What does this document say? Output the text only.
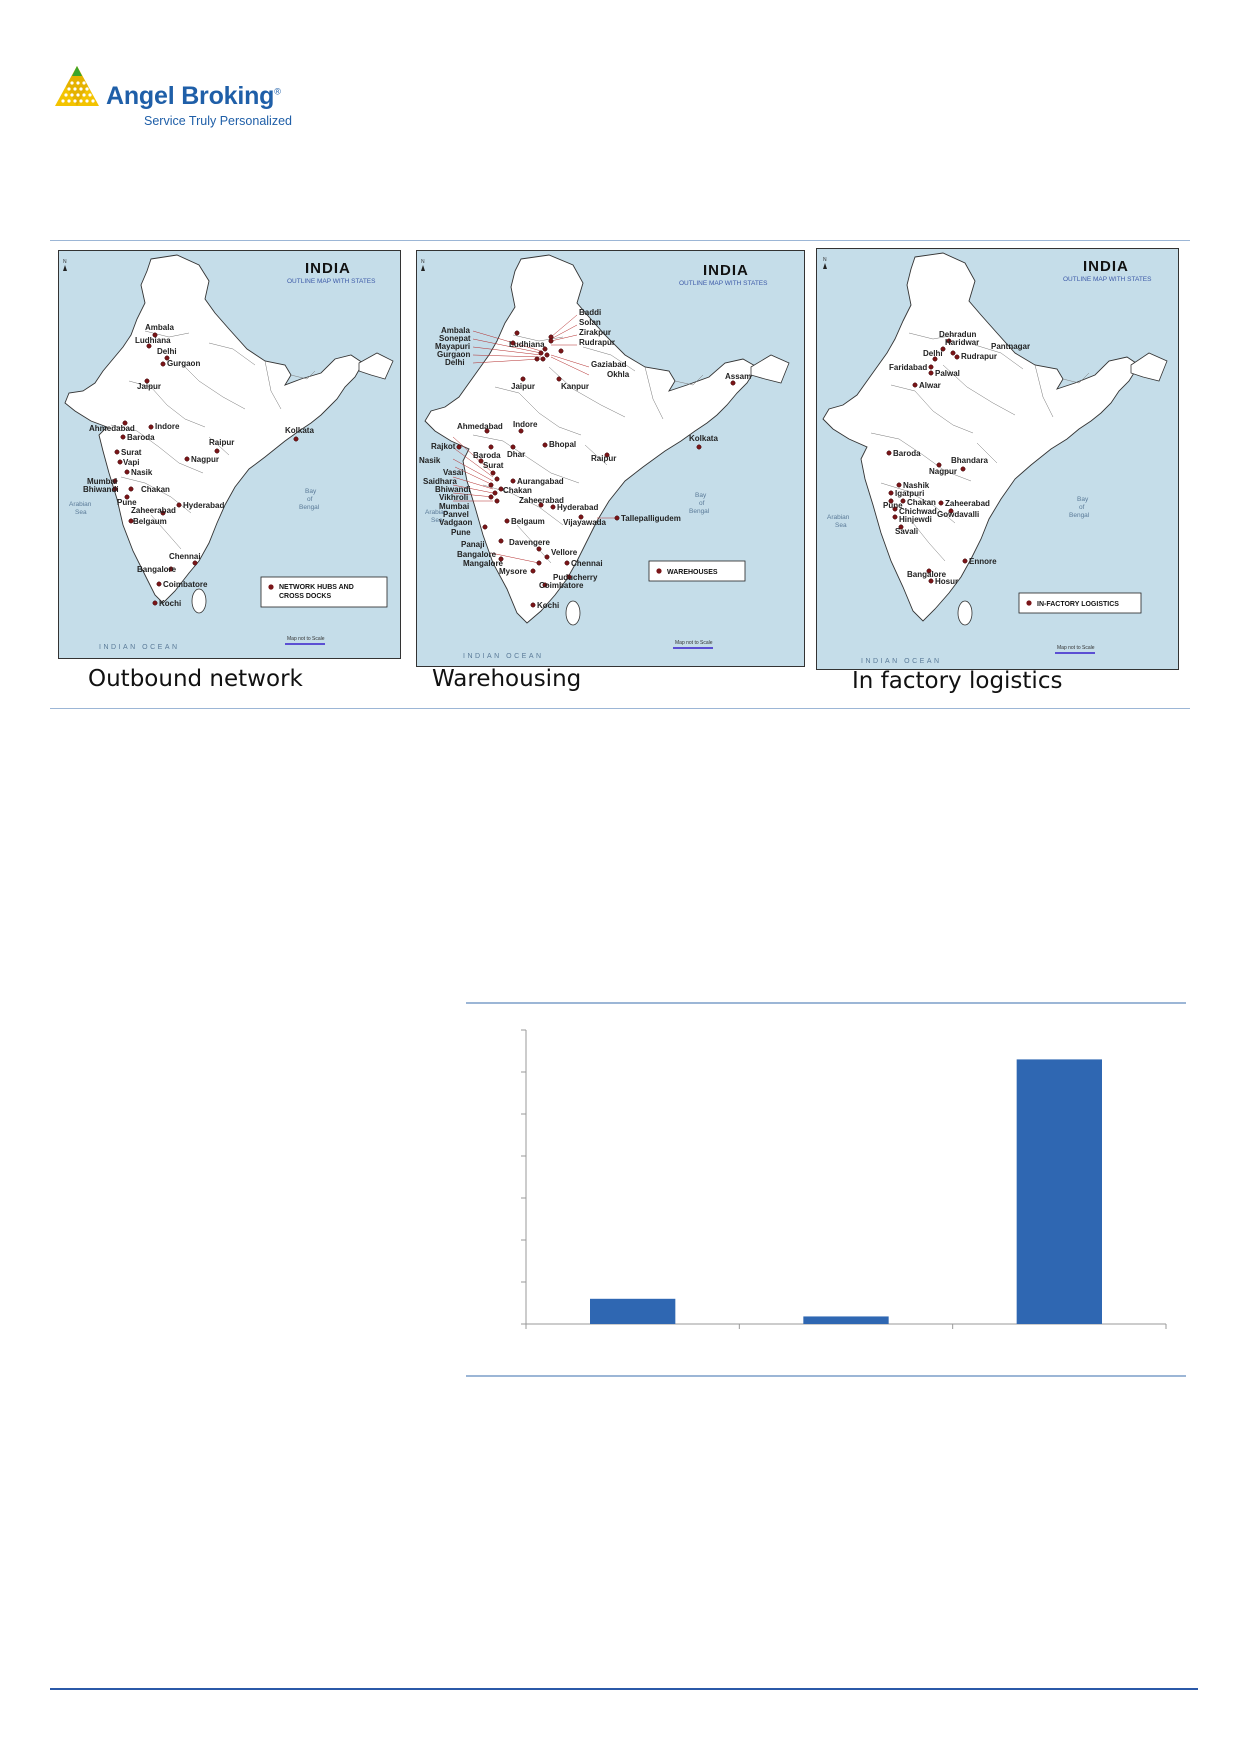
Angel Broking®
Service Truly Personalized
N	INDIA
OUTLINE MAP WITH STATES
Arabian
Sea
Bay
of
Bengal
INDIAN OCEAN
Ambala
Ludhiana
Delhi
Gurgaon
Jaipur
Ahmedabad	Indore	Kolkata
Baroda
Raipur
Surat
Vapi	Nagpur
Nasik
Mumbai
Bhiwandi	Chakan
Pune
Zaheerabad
Hyderabad
Belgaum
Chennai
Bangalore
Coimbatore
Kochi
NETWORK HUBS AND
CROSS DOCKS
Map not to Scale
Outbound network
N	INDIA
OUTLINE MAP WITH STATES
Arabian
Sea
Bay
of
Bengal
INDIAN OCEAN
Baddi
Solan
Ambala	Zirakpur
Sonepat	Rudrapur
Mayapuri	Ludhiana
Gurgaon
Delhi	Gaziabad
Okhla
Jaipur	Kanpur
Assam
Ahmedabad Indore
Kolkata
Rajkot
Baroda Dhar
Bhopal
Raipur
Nasik
Surat
Vasai
Saidhara	Aurangabad
Bhiwandi	Chakan
Vikhroli	Zaheerabad
Mumbai	Hyderabad
Panvel
Vadgaon	Tallepalligudem
Belgaum Vijayawada
Pune
Panaji	Davengere
Bangalore	Vellore
Mangalore	Chennai
Mysore
Puducherry
Coimbatore
Kochi
WAREHOUSES
Map not to Scale
Warehousing
N	INDIA
OUTLINE MAP WITH STATES
Arabian
Sea
Bay
of
Bengal
INDIAN OCEAN
Dehradun
Haridwar Pantnagar
Delhi Rudrapur
Faridabad
Palwal
Alwar
Baroda
Bhandara
Nashik
Nagpur
Igatpuri
Pune Chakan Zaheerabad
Chichwad
Hinjewdi
Gowdavalli
Savali
Ennore
Bangalore
Hosur
IN-FACTORY LOGISTICS
Map not to Scale
In factory logistics
